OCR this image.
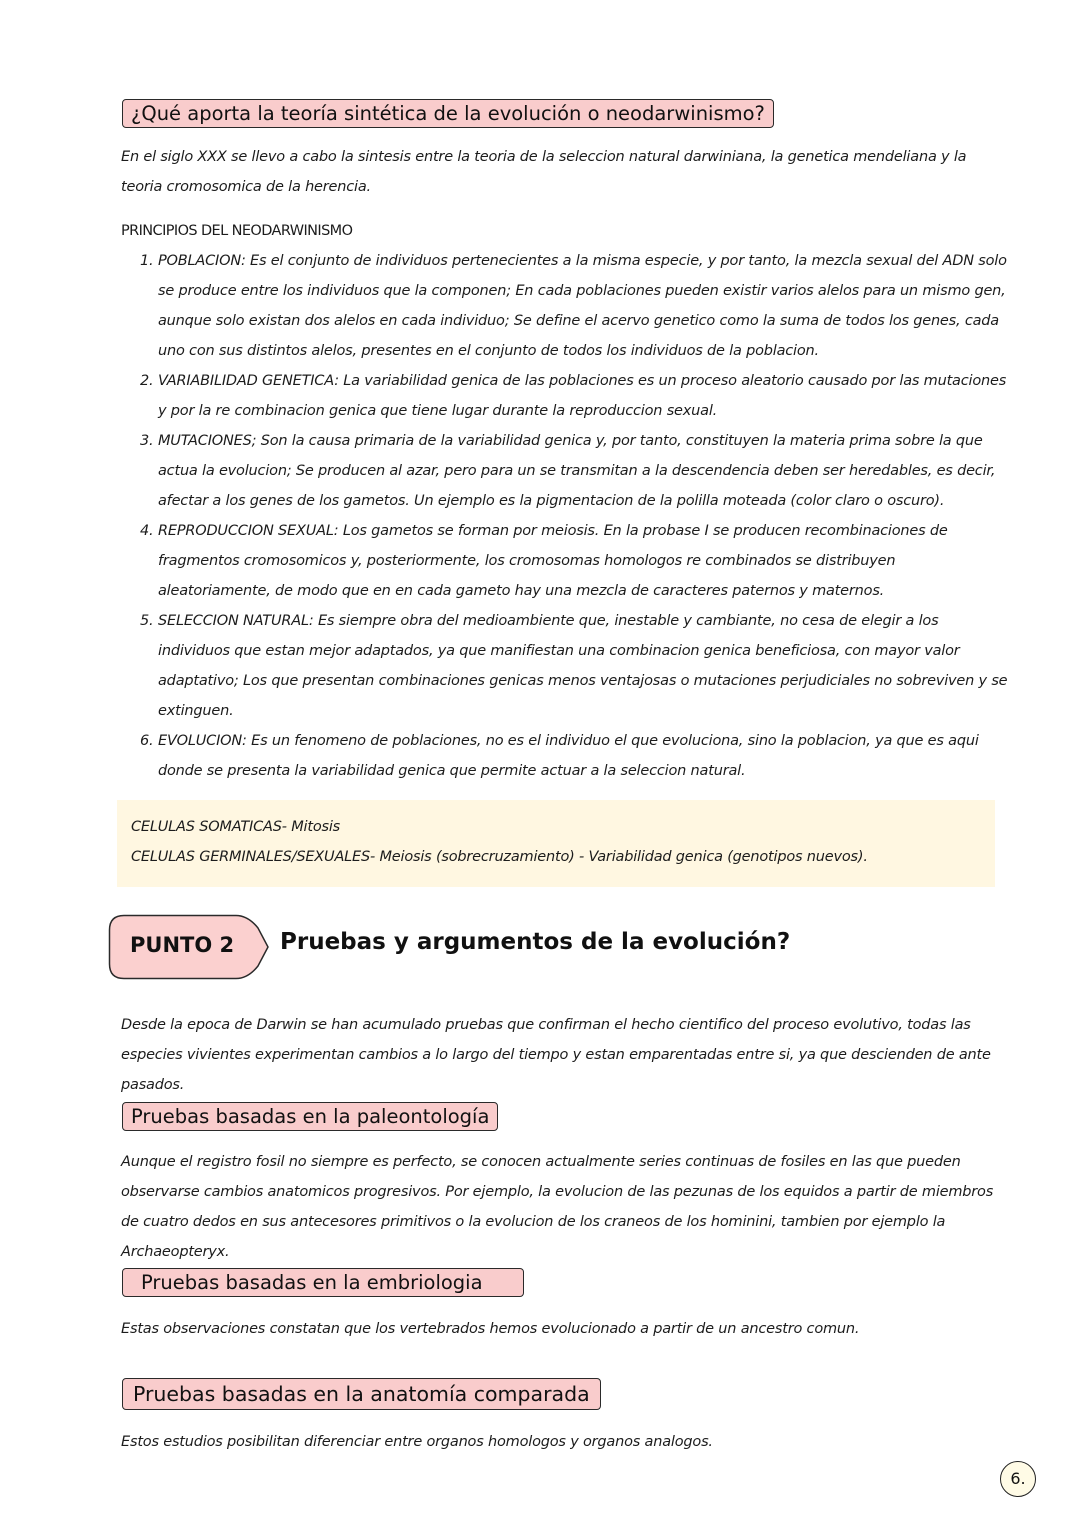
¿Qué aporta la teoría sintética de la evolución o neodarwinismo?
En el siglo XXX se llevo a cabo la sintesis entre la teoria de la seleccion natural darwiniana, la genetica mendeliana y la teoria cromosomica de la herencia.
PRINCIPIOS DEL NEODARWINISMO
1. POBLACION: Es el conjunto de individuos pertenecientes a la misma especie, y por tanto, la mezcla sexual del ADN solo se produce entre los individuos que la componen; En cada poblaciones pueden existir varios alelos para un mismo gen, aunque solo existan dos alelos en cada individuo; Se define el acervo genetico como la suma de todos los genes, cada uno con sus distintos alelos, presentes en el conjunto de todos los individuos de la poblacion.
2. VARIABILIDAD GENETICA: La variabilidad genica de las poblaciones es un proceso aleatorio causado por las mutaciones y por la re combinacion genica que tiene lugar durante la reproduccion sexual.
3. MUTACIONES; Son la causa primaria de la variabilidad genica y, por tanto, constituyen la materia prima sobre la que actua la evolucion; Se producen al azar, pero para un se transmitan a la descendencia deben ser heredables, es decir, afectar a los genes de los gametos. Un ejemplo es la pigmentacion de la polilla moteada (color claro o oscuro).
4. REPRODUCCION SEXUAL: Los gametos se forman por meiosis. En la probase I se producen recombinaciones de fragmentos cromosomicos y, posteriormente, los cromosomas homologos re combinados se distribuyen aleatoriamente, de modo que en en cada gameto hay una mezcla de caracteres paternos y maternos.
5. SELECCION NATURAL: Es siempre obra del medioambiente que, inestable y cambiante, no cesa de elegir a los individuos que estan mejor adaptados, ya que manifiestan una combinacion genica beneficiosa, con mayor valor adaptativo; Los que presentan combinaciones genicas menos ventajosas o mutaciones perjudiciales no sobreviven y se extinguen.
6. EVOLUCION: Es un fenomeno de poblaciones, no es el individuo el que evoluciona, sino la poblacion, ya que es aqui donde se presenta la variabilidad genica que permite actuar a la seleccion natural.
CELULAS SOMATICAS- Mitosis
CELULAS GERMINALES/SEXUALES- Meiosis (sobrecruzamiento) - Variabilidad genica (genotipos nuevos).
PUNTO 2 Pruebas y argumentos de la evolución?
Desde la epoca de Darwin se han acumulado pruebas que confirman el hecho cientifico del proceso evolutivo, todas las especies vivientes experimentan cambios a lo largo del tiempo y estan emparentadas entre si, ya que descienden de ante pasados.
Pruebas basadas en la paleontología
Aunque el registro fosil no siempre es perfecto, se conocen actualmente series continuas de fosiles en las que pueden observarse cambios anatomicos progresivos. Por ejemplo, la evolucion de las pezunas de los equidos a partir de miembros de cuatro dedos en sus antecesores primitivos o la evolucion de los craneos de los hominini, tambien por ejemplo la Archaeopteryx.
Pruebas basadas en la embriologia
Estas observaciones constatan que los vertebrados hemos evolucionado a partir de un ancestro comun.
Pruebas basadas en la anatomía comparada
Estos estudios posibilitan diferenciar entre organos homologos y organos analogos.
6.
